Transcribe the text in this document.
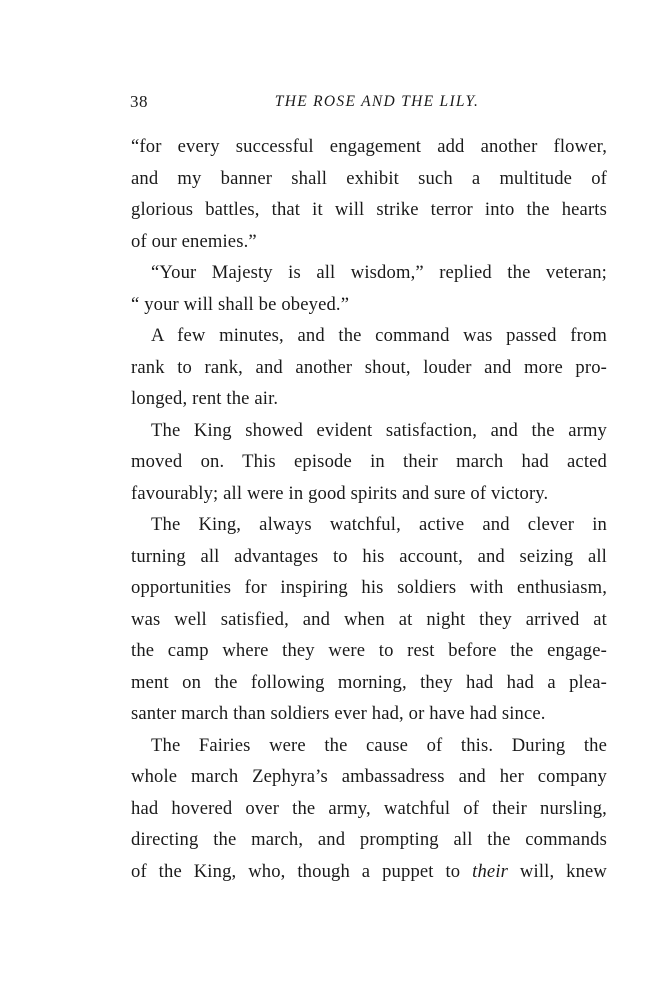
38	THE ROSE AND THE LILY.
“for every successful engagement add another flower,
and my banner shall exhibit such a multitude of
glorious battles, that it will strike terror into the hearts
of our enemies.”
“Your Majesty is all wisdom,” replied the veteran;
“ your will shall be obeyed.”
A few minutes, and the command was passed from
rank to rank, and another shout, louder and more pro-
longed, rent the air.
The King showed evident satisfaction, and the army
moved on. This episode in their march had acted
favourably; all were in good spirits and sure of victory.
The King, always watchful, active and clever in
turning all advantages to his account, and seizing all
opportunities for inspiring his soldiers with enthusiasm,
was well satisfied, and when at night they arrived at
the camp where they were to rest before the engage-
ment on the following morning, they had had a plea-
santer march than soldiers ever had, or have had since.
The Fairies were the cause of this. During the
whole march Zephyra’s ambassadress and her company
had hovered over the army, watchful of their nursling,
directing the march, and prompting all the commands
of the King, who, though a puppet to their will, knew
